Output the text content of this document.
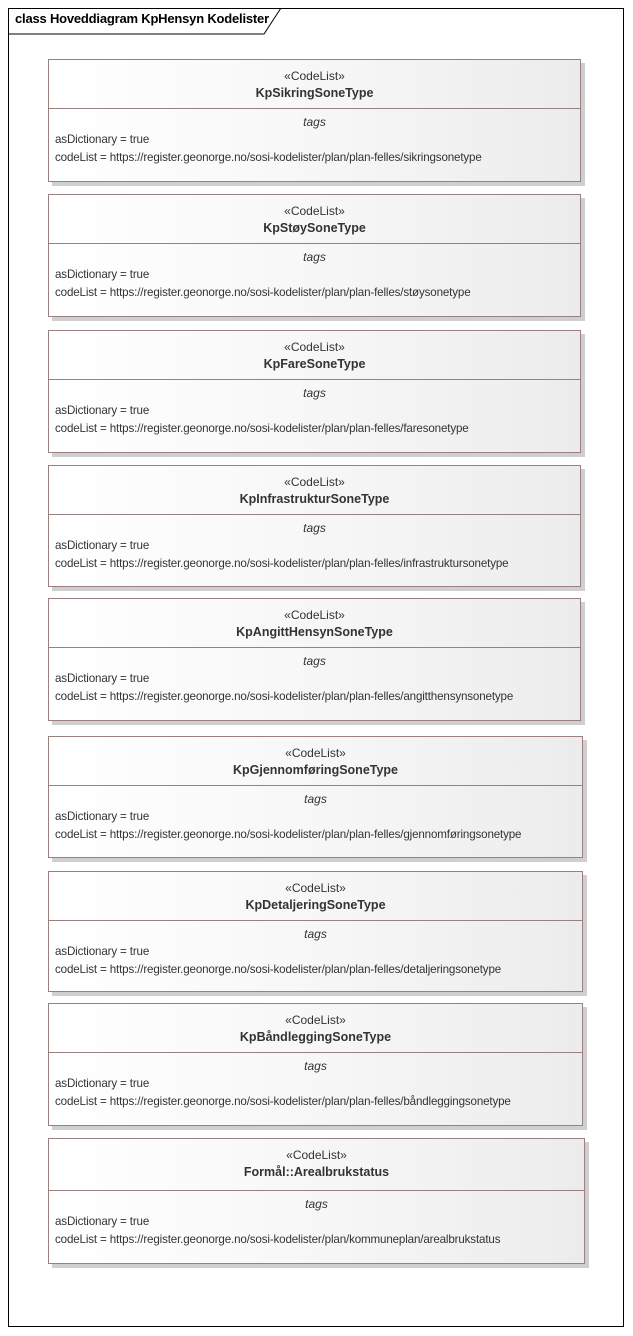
class Hoveddiagram KpHensyn Kodelister
«CodeList»
KpSikringSoneType
tags
asDictionary = true
codeList = https://register.geonorge.no/sosi-kodelister/plan/plan-felles/sikringsonetype
«CodeList»
KpStøySoneType
tags
asDictionary = true
codeList = https://register.geonorge.no/sosi-kodelister/plan/plan-felles/støysonetype
«CodeList»
KpFareSoneType
tags
asDictionary = true
codeList = https://register.geonorge.no/sosi-kodelister/plan/plan-felles/faresonetype
«CodeList»
KpInfrastrukturSoneType
tags
asDictionary = true
codeList = https://register.geonorge.no/sosi-kodelister/plan/plan-felles/infrastruktursonetype
«CodeList»
KpAngittHensynSoneType
tags
asDictionary = true
codeList = https://register.geonorge.no/sosi-kodelister/plan/plan-felles/angitthensynsonetype
«CodeList»
KpGjennomføringSoneType
tags
asDictionary = true
codeList = https://register.geonorge.no/sosi-kodelister/plan/plan-felles/gjennomføringsonetype
«CodeList»
KpDetaljeringSoneType
tags
asDictionary = true
codeList = https://register.geonorge.no/sosi-kodelister/plan/plan-felles/detaljeringsonetype
«CodeList»
KpBåndleggingSoneType
tags
asDictionary = true
codeList = https://register.geonorge.no/sosi-kodelister/plan/plan-felles/båndleggingsonetype
«CodeList»
Formål::Arealbrukstatus
tags
asDictionary = true
codeList = https://register.geonorge.no/sosi-kodelister/plan/kommuneplan/arealbrukstatus
